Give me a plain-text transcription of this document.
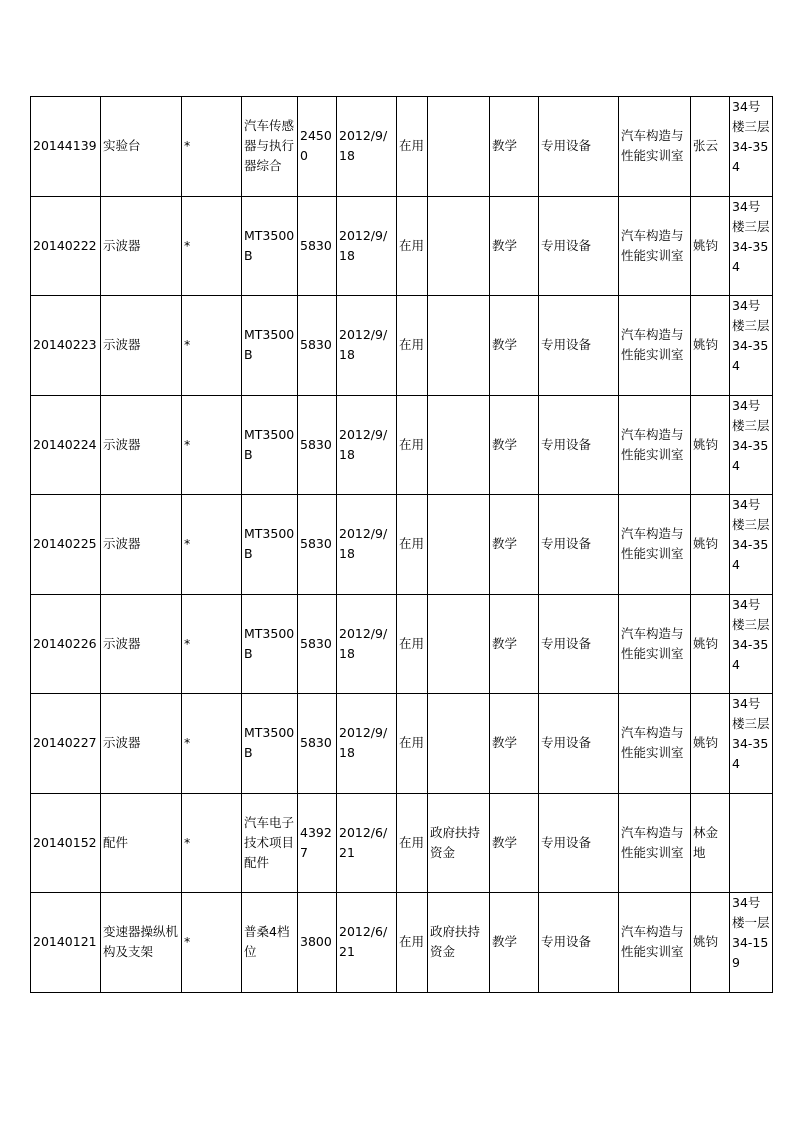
20144139	实验台	*	汽车传感器与执行器综合	24500	2012/9/18	在用		教学	专用设备	汽车构造与性能实训室	张云	34号楼三层34-354
20140222	示波器	*	MT3500B	5830	2012/9/18	在用		教学	专用设备	汽车构造与性能实训室	姚钧	34号楼三层34-354
20140223	示波器	*	MT3500B	5830	2012/9/18	在用		教学	专用设备	汽车构造与性能实训室	姚钧	34号楼三层34-354
20140224	示波器	*	MT3500B	5830	2012/9/18	在用		教学	专用设备	汽车构造与性能实训室	姚钧	34号楼三层34-354
20140225	示波器	*	MT3500B	5830	2012/9/18	在用		教学	专用设备	汽车构造与性能实训室	姚钧	34号楼三层34-354
20140226	示波器	*	MT3500B	5830	2012/9/18	在用		教学	专用设备	汽车构造与性能实训室	姚钧	34号楼三层34-354
20140227	示波器	*	MT3500B	5830	2012/9/18	在用		教学	专用设备	汽车构造与性能实训室	姚钧	34号楼三层34-354
20140152	配件	*	汽车电子技术项目配件	43927	2012/6/21	在用	政府扶持资金	教学	专用设备	汽车构造与性能实训室	林金地	
20140121	变速器操纵机构及支架	*	普桑4档位	3800	2012/6/21	在用	政府扶持资金	教学	专用设备	汽车构造与性能实训室	姚钧	34号楼一层34-159
